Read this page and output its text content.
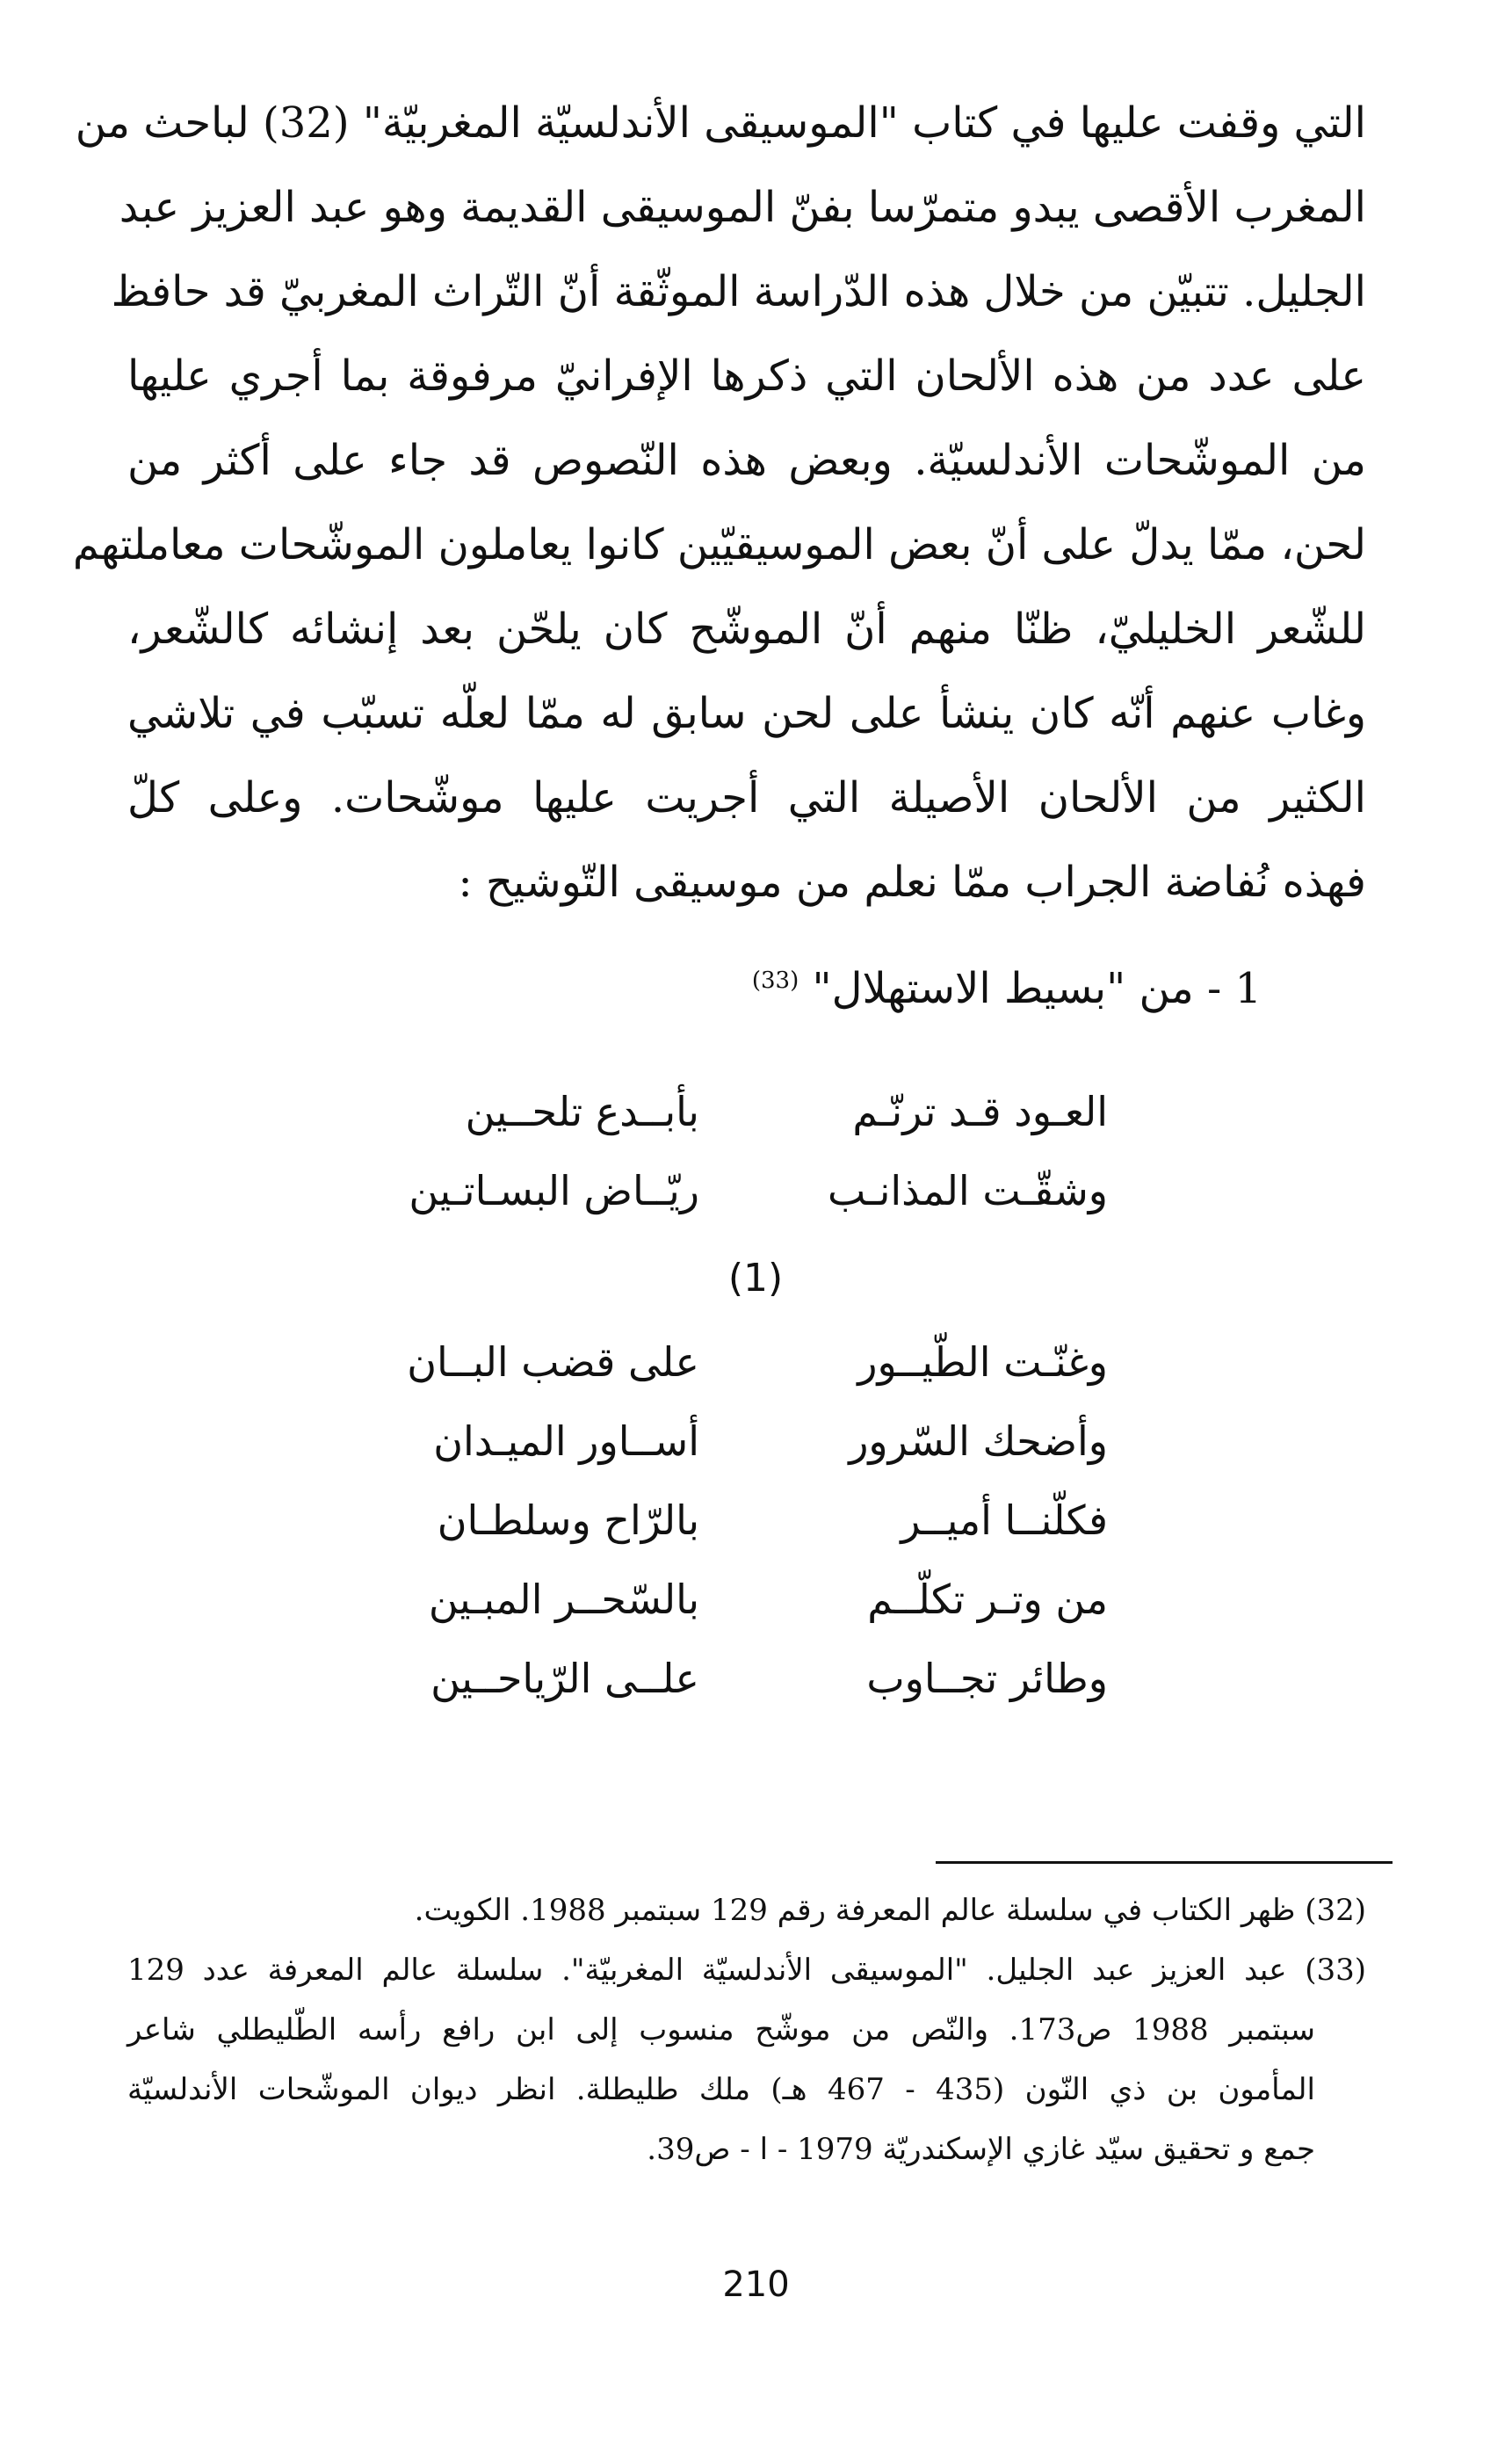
التي وقفت عليها في كتاب "الموسيقى الأندلسيّة المغربيّة" (32) لباحث من
المغرب الأقصى يبدو متمرّسا بفنّ الموسيقى القديمة وهو عبد العزيز عبد
الجليل. تتبيّن من خلال هذه الدّراسة الموثّقة أنّ التّراث المغربيّ قد حافظ
على عدد من هذه الألحان التي ذكرها الإفرانيّ مرفوقة بما أجري عليها
من الموشّحات الأندلسيّة. وبعض هذه النّصوص قد جاء على أكثر من
لحن، ممّا يدلّ على أنّ بعض الموسيقيّين كانوا يعاملون الموشّحات معاملتهم
للشّعر الخليليّ، ظنّا منهم أنّ الموشّح كان يلحّن بعد إنشائه كالشّعر،
وغاب عنهم أنّه كان ينشأ على لحن سابق له ممّا لعلّه تسبّب في تلاشي
الكثير من الألحان الأصيلة التي أجريت عليها موشّحات. وعلى كلّ
فهذه نُفاضة الجراب ممّا نعلم من موسيقى التّوشيح :
1 - من "بسيط الاستهلال" $^{(33)}$
العـود قـد ترنّـم
بأبــدع تلحــين
وشقّـت المذانـب
ريّــاض البسـاتـين
(1)
وغنّـت الطّيــور
على قضب البــان
وأضحك السّرور
أســاور الميـدان
فكلّنــا أميــر
بالرّاح وسلطـان
من وتـر تكلّــم
بالسّحــر المبـين
وطائر تجــاوب
علــى الرّياحــين
(32) ظهر الكتاب في سلسلة عالم المعرفة رقم 129 سبتمبر 1988. الكويت.
(33) عبد العزيز عبد الجليل. "الموسيقى الأندلسيّة المغربيّة". سلسلة عالم المعرفة عدد 129
سبتمبر 1988 ص173. والنّص من موشّح منسوب إلى ابن رافع رأسه الطّليطلي شاعر
المأمون بن ذي النّون (435 - 467 هـ) ملك طليطلة. انظر ديوان الموشّحات الأندلسيّة
جمع و تحقيق سيّد غازي الإسكندريّة 1979 - ا - ص39.
210
